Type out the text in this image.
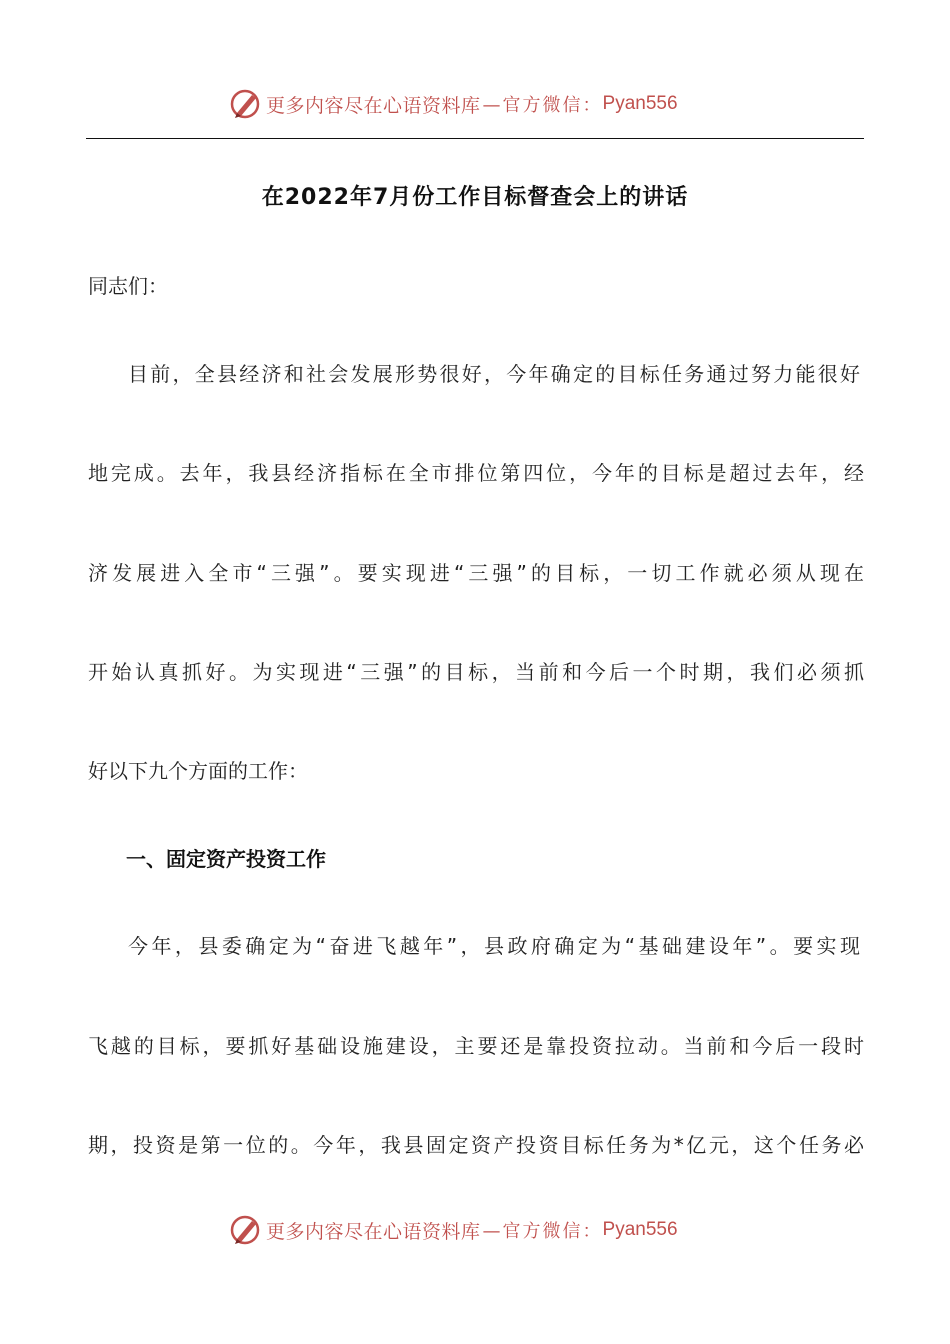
更多内容尽在心语资料库 —官方微信： Pyan556
在2022年7月份工作目标督查会上的讲话
同志们：
目前，全县经济和社会发展形势很好，今年确定的目标任务通过努力能很好
地完成。去年，我县经济指标在全市排位第四位，今年的目标是超过去年，经
济发展进入全市“三强”。要实现进“三强”的目标，一切工作就必须从现在
开始认真抓好。为实现进“三强”的目标，当前和今后一个时期，我们必须抓
好以下九个方面的工作：
一、固定资产投资工作
今年，县委确定为“奋进飞越年”，县政府确定为“基础建设年”。要实现
飞越的目标，要抓好基础设施建设，主要还是靠投资拉动。当前和今后一段时
期，投资是第一位的。今年，我县固定资产投资目标任务为*亿元，这个任务必
更多内容尽在心语资料库 —官方微信： Pyan556
